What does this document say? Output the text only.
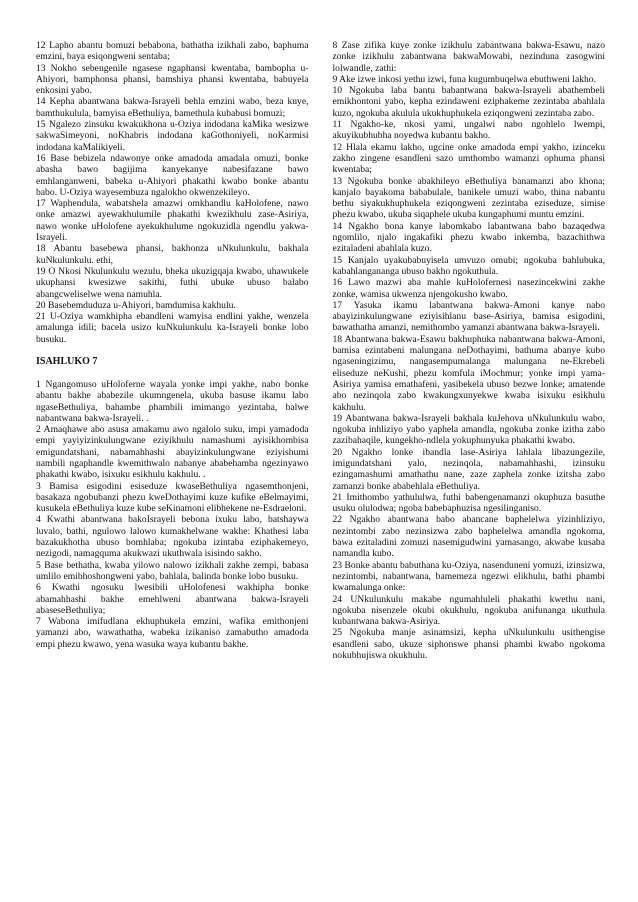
12 Lapho abantu bomuzi bebabona, bathatha izikhali zabo, baphuma emzini, baya esiqongweni sentaba;

13 Nokho sebengenile ngasese ngaphansi kwentaba, bambopha u-Ahiyori, bamphonsa phansi, bamshiya phansi kwentaba, babuyela enkosini yabo.

14 Kepha abantwana bakwa-Israyeli behla emzini wabo, beza kuye, bamthukulula, bamyisa eBethuliya, bamethula kubabusi bomuzi;

15 Ngalezo zinsuku kwakukhona u-Oziya indodana kaMika wesizwe sakwaSimeyoni, noKhabris indodana kaGothoniyeli, noKarmisi indodana kaMalikiyeli.

16 Base bebizela ndawonye onke amadoda amadala omuzi, bonke abasha bawo bagijima kanyekanye nabesifazane bawo emhlanganweni, babeka u-Ahiyori phakathi kwabo bonke abantu babo. U-Oziya wayesembuza ngalokho okwenzekileyo.

17 Waphendula, wabatshela amazwi omkhandlu kaHolofene, nawo onke amazwi ayewakhulumile phakathi kwezikhulu zase-Asiriya, nawo wonke uHolofene ayekukhulume ngokuzidla ngendlu yakwa-Israyeli.

18 Abantu basebewa phansi, bakhonza uNkulunkulu, bakhala kuNkulunkulu. ethi,

19 O Nkosi Nkulunkulu wezulu, bheka ukuzigqaja kwabo, uhawukele ukuphansi kwesizwe sakithi, futhi ubuke ubuso balabo abangcweliselwe wena namuhla.

20 Basebemduduza u-Ahiyori, bamdumisa kakhulu.

21 U-Oziya wamkhipha ebandleni wamyisa endlini yakhe, wenzela amalunga idili; bacela usizo kuNkulunkulu ka-Israyeli bonke lobo busuku.

ISAHLUKO 7

1 Ngangomuso uHoloferne wayala yonke impi yakhe, nabo bonke abantu bakhe ababezile ukumngenela, ukuba basuse ikamu labo ngaseBethuliya, bahambe phambili imimango yezintaba, balwe nabantwana bakwa-Israyeli. .

2 Amaqhawe abo asusa amakamu awo ngalolo suku, impi yamadoda empi yayiyizinkulungwane eziyikhulu namashumi ayisikhombisa emigundatshani, nabamahhashi abayizinkulungwane eziyishumi nambili ngaphandle kwemithwalo nabanye ababehamba ngezinyawo phakathi kwabo, isixuku esikhulu kakhulu. .

3 Bamisa esigodini esiseduze kwaseBethuliya ngasemthonjeni, basakaza ngobubanzi phezu kweDothayimi kuze kufike eBelmayimi, kusukela eBethuliya kuze kube seKinamoni elibhekene ne-Esdraeloni.

4 Kwathi abantwana bakoIsrayeli bebona ixuku labo, batshaywa luvalo, bathi, ngulowo lalowo kumakhelwane wakhe: Khathesi laba bazakukhotha ubuso bomhlaba; ngokuba izintaba eziphakemeyo, nezigodi, namagquma akukwazi ukuthwala isisindo sakho.

5 Base bethatha, kwaba yilowo nalowo izikhali zakhe zempi, babasa umlilo emibhoshongweni yabo, bahlala, balinda bonke lobo busuku.

6 Kwathi ngosuku lwesibili uHolofenesi wakhipha bonke abamahhashi bakhe emehlweni abantwana bakwa-Israyeli abaseseBethuliya;

7 Wabona imifudlana ekhuphukela emzini, wafika emithonjeni yamanzi abo, wawathatha, wabeka izikaniso zamabutho amadoda empi phezu kwawo, yena wasuka waya kubantu bakhe.

8 Zase zifika kuye zonke izikhulu zabantwana bakwa-Esawu, nazo zonke izikhulu zabantwana bakwaMowabi, nezinduna zasogwini lolwandle, zathi:

9 Ake izwe inkosi yethu izwi, funa kugumbuqelwa ebuthweni lakho.

10 Ngokuba laba bantu babantwana bakwa-Israyeli abathembeli emikhontoni yabo, kepha ezindaweni eziphakeme zezintaba abahlala kuzo, ngokuba akulula ukukhuphukela eziqongweni zezintaba zabo.

11 Ngakho-ke, nkosi yami, ungalwi nabo ngohlelo lwempi, akuyikubhubha noyedwa kubantu bakho.

12 Hlala ekamu lakho, ugcine onke amadoda empi yakho, izinceku zakho zingene esandleni sazo umthombo wamanzi ophuma phansi kwentaba;

13 Ngokuba bonke abakhileyo eBethuliya banamanzi abo khona; kanjalo bayakoma bababulale, banikele umuzi wabo, thina nabantu bethu siyakukhuphukela eziqongweni zezintaba eziseduze, simise phezu kwabo, ukuba siqaphele ukuba kungaphumi muntu emzini.

14 Ngakho bona kanye labomkabo labantwana babo bazaqedwa ngomlilo, njalo ingakafiki phezu kwabo inkemba, bazachithwa ezitaladeni abahlala kuzo.

15 Kanjalo uyakubabuyisela umvuzo omubi; ngokuba bahlubuka, kabahlangananga ubuso bakho ngokuthula.

16 Lawo mazwi aba mahle kuHolofernesi nasezincekwini zakhe zonke, wamisa ukwenza njengokusho kwabo.

17 Yasuka ikamu labantwana bakwa-Amoni kanye nabo abayizinkulungwane eziyisihlanu base-Asiriya, bamisa esigodini, bawathatha amanzi, nemithombo yamanzi abantwana bakwa-Israyeli.

18 Abantwana bakwa-Esawu bakhuphuka nabantwana bakwa-Amoni, bamisa ezintabeni malungana neDothayimi, bathuma abanye kubo ngaseningizimu, nangasempumalanga malungana ne-Ekrebeli eliseduze neKushi, phezu komfula iMochmur; yonke impi yama-Asiriya yamisa emathafeni, yasibekela ubuso bezwe lonke; amatende abo nezinqola zabo kwakungxunyekwe kwaba isixuku esikhulu kakhulu.

19 Abantwana bakwa-Israyeli bakhala kuJehova uNkulunkulu wabo, ngokuba inhliziyo yabo yaphela amandla, ngokuba zonke izitha zabo zazibahaqile, kungekho-ndlela yokuphunyuka phakathi kwabo.

20 Ngakho lonke ibandla lase-Asiriya lahlala libazungezile, imigundatshani yalo, nezinqola, nabamahhashi, izinsuku ezingamashumi amathathu nane, zaze zaphela zonke izitsha zabo zamanzi bonke ababehlala eBethuliya.

21 Imithombo yathululwa, futhi babengenamanzi okuphuza basuthe usuku olulodwa; ngoba babebaphuzisa ngesilinganiso.

22 Ngakho abantwana babo abancane baphelelwa yizinhliziyo, nezintombi zabo nezinsizwa zabo baphelelwa amandla ngokoma, bawa ezitaladini zomuzi nasemigudwini yamasango, akwabe kusaba namandla kubo.

23 Bonke abantu babuthana ku-Oziya, nasenduneni yomuzi, izinsizwa, nezintombi, nabantwana, bamemeza ngezwi elikhulu, bathi phambi kwamalunga onke:

24 UNkulunkulu makabe ngumahluleli phakathi kwethu nani, ngokuba nisenzele okubi okukhulu, ngokuba anifunanga ukuthula kubantwana bakwa-Asiriya.

25 Ngokuba manje asinamsizi, kepha uNkulunkulu usithengise esandleni sabo, ukuze siphonswe phansi phambi kwabo ngokoma nokubhujiswa okukhulu.
